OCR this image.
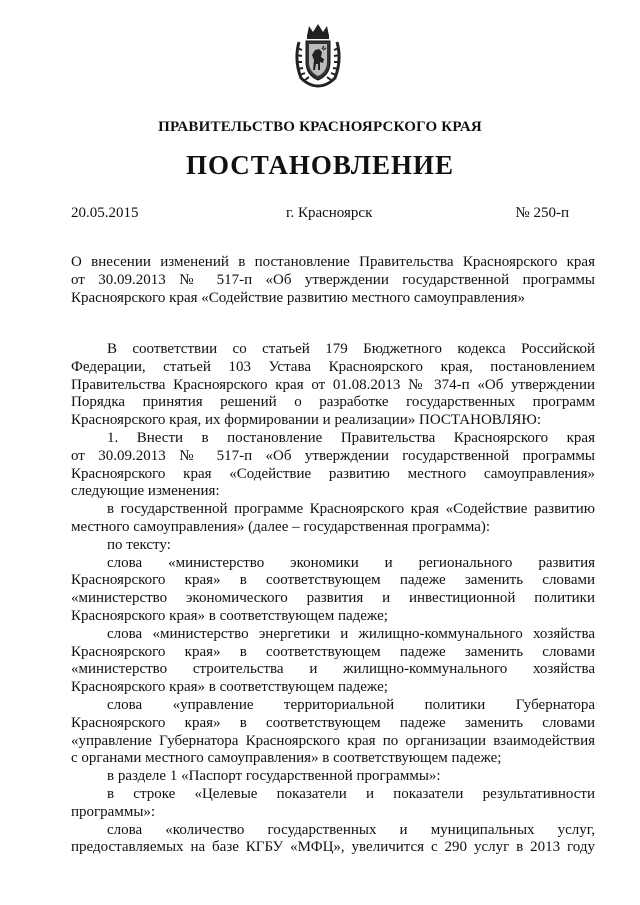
ПРАВИТЕЛЬСТВО КРАСНОЯРСКОГО КРАЯ
ПОСТАНОВЛЕНИЕ
20.05.2015	г. Красноярск	№ 250-п

О внесении изменений в постановление Правительства Красноярского края

от 30.09.2013 № 517-п «Об утверждении государственной программы

Красноярского края «Содействие развитию местного самоуправления»

В соответствии со статьей 179 Бюджетного кодекса Российской

Федерации, статьей 103 Устава Красноярского края, постановлением

Правительства Красноярского края от 01.08.2013 № 374-п «Об утверждении

Порядка принятия решений о разработке государственных программ

Красноярского края, их формировании и реализации» ПОСТАНОВЛЯЮ:

1. Внести в постановление Правительства Красноярского края

от 30.09.2013 № 517-п «Об утверждении государственной программы

Красноярского края «Содействие развитию местного самоуправления»

следующие изменения:

в государственной программе Красноярского края «Содействие развитию

местного самоуправления» (далее – государственная программа):

по тексту:

слова «министерство экономики и регионального развития

Красноярского края» в соответствующем падеже заменить словами

«министерство экономического развития и инвестиционной политики

Красноярского края» в соответствующем падеже;

слова «министерство энергетики и жилищно-коммунального хозяйства

Красноярского края» в соответствующем падеже заменить словами

«министерство строительства и жилищно-коммунального хозяйства

Красноярского края» в соответствующем падеже;

слова «управление территориальной политики Губернатора

Красноярского края» в соответствующем падеже заменить словами

«управление Губернатора Красноярского края по организации взаимодействия

с органами местного самоуправления» в соответствующем падеже;

в разделе 1 «Паспорт государственной программы»:

в строке «Целевые показатели и показатели результативности

программы»:

слова «количество государственных и муниципальных услуг,

предоставляемых на базе КГБУ «МФЦ», увеличится с 290 услуг в 2013 году
